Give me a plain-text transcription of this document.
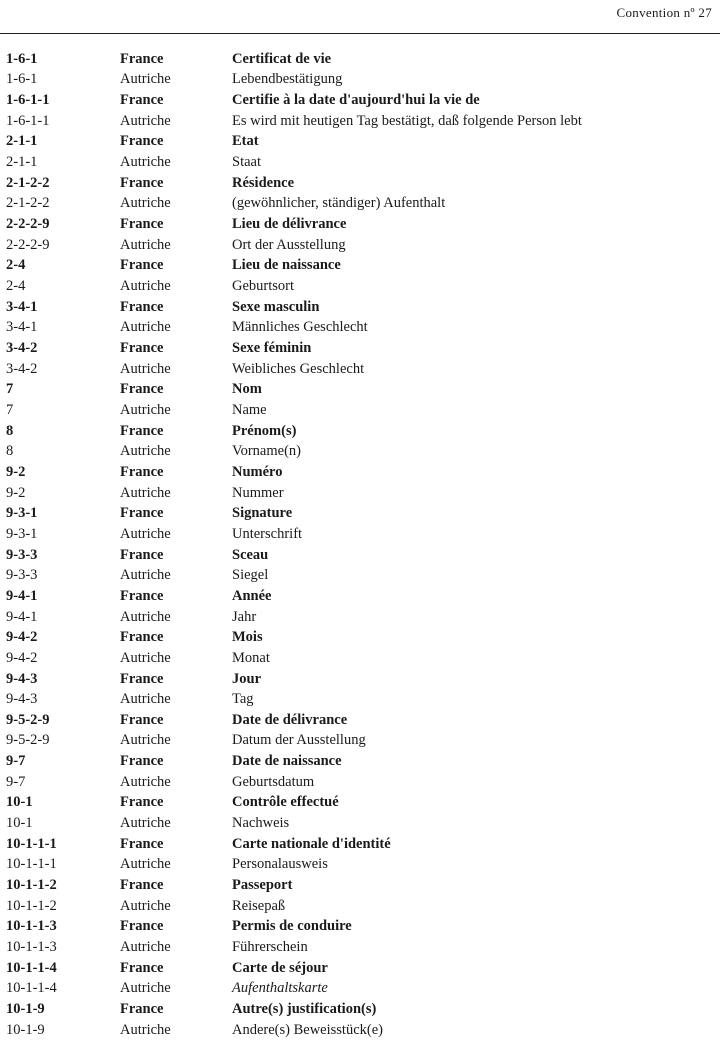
Convention nº 27
1-6-1	France	Certificat de vie
1-6-1	Autriche	Lebendbestätigung
1-6-1-1	France	Certifie à la date d'aujourd'hui la vie de
1-6-1-1	Autriche	Es wird mit heutigen Tag bestätigt, daß folgende Person lebt
2-1-1	France	Etat
2-1-1	Autriche	Staat
2-1-2-2	France	Résidence
2-1-2-2	Autriche	(gewöhnlicher, ständiger) Aufenthalt
2-2-2-9	France	Lieu de délivrance
2-2-2-9	Autriche	Ort der Ausstellung
2-4	France	Lieu de naissance
2-4	Autriche	Geburtsort
3-4-1	France	Sexe masculin
3-4-1	Autriche	Männliches Geschlecht
3-4-2	France	Sexe féminin
3-4-2	Autriche	Weibliches Geschlecht
7	France	Nom
7	Autriche	Name
8	France	Prénom(s)
8	Autriche	Vorname(n)
9-2	France	Numéro
9-2	Autriche	Nummer
9-3-1	France	Signature
9-3-1	Autriche	Unterschrift
9-3-3	France	Sceau
9-3-3	Autriche	Siegel
9-4-1	France	Année
9-4-1	Autriche	Jahr
9-4-2	France	Mois
9-4-2	Autriche	Monat
9-4-3	France	Jour
9-4-3	Autriche	Tag
9-5-2-9	France	Date de délivrance
9-5-2-9	Autriche	Datum der Ausstellung
9-7	France	Date de naissance
9-7	Autriche	Geburtsdatum
10-1	France	Contrôle effectué
10-1	Autriche	Nachweis
10-1-1-1	France	Carte nationale d'identité
10-1-1-1	Autriche	Personalausweis
10-1-1-2	France	Passeport
10-1-1-2	Autriche	Reisepaß
10-1-1-3	France	Permis de conduire
10-1-1-3	Autriche	Führerschein
10-1-1-4	France	Carte de séjour
10-1-1-4	Autriche	Aufenthaltskarte
10-1-9	France	Autre(s) justification(s)
10-1-9	Autriche	Andere(s) Beweisstück(e)
